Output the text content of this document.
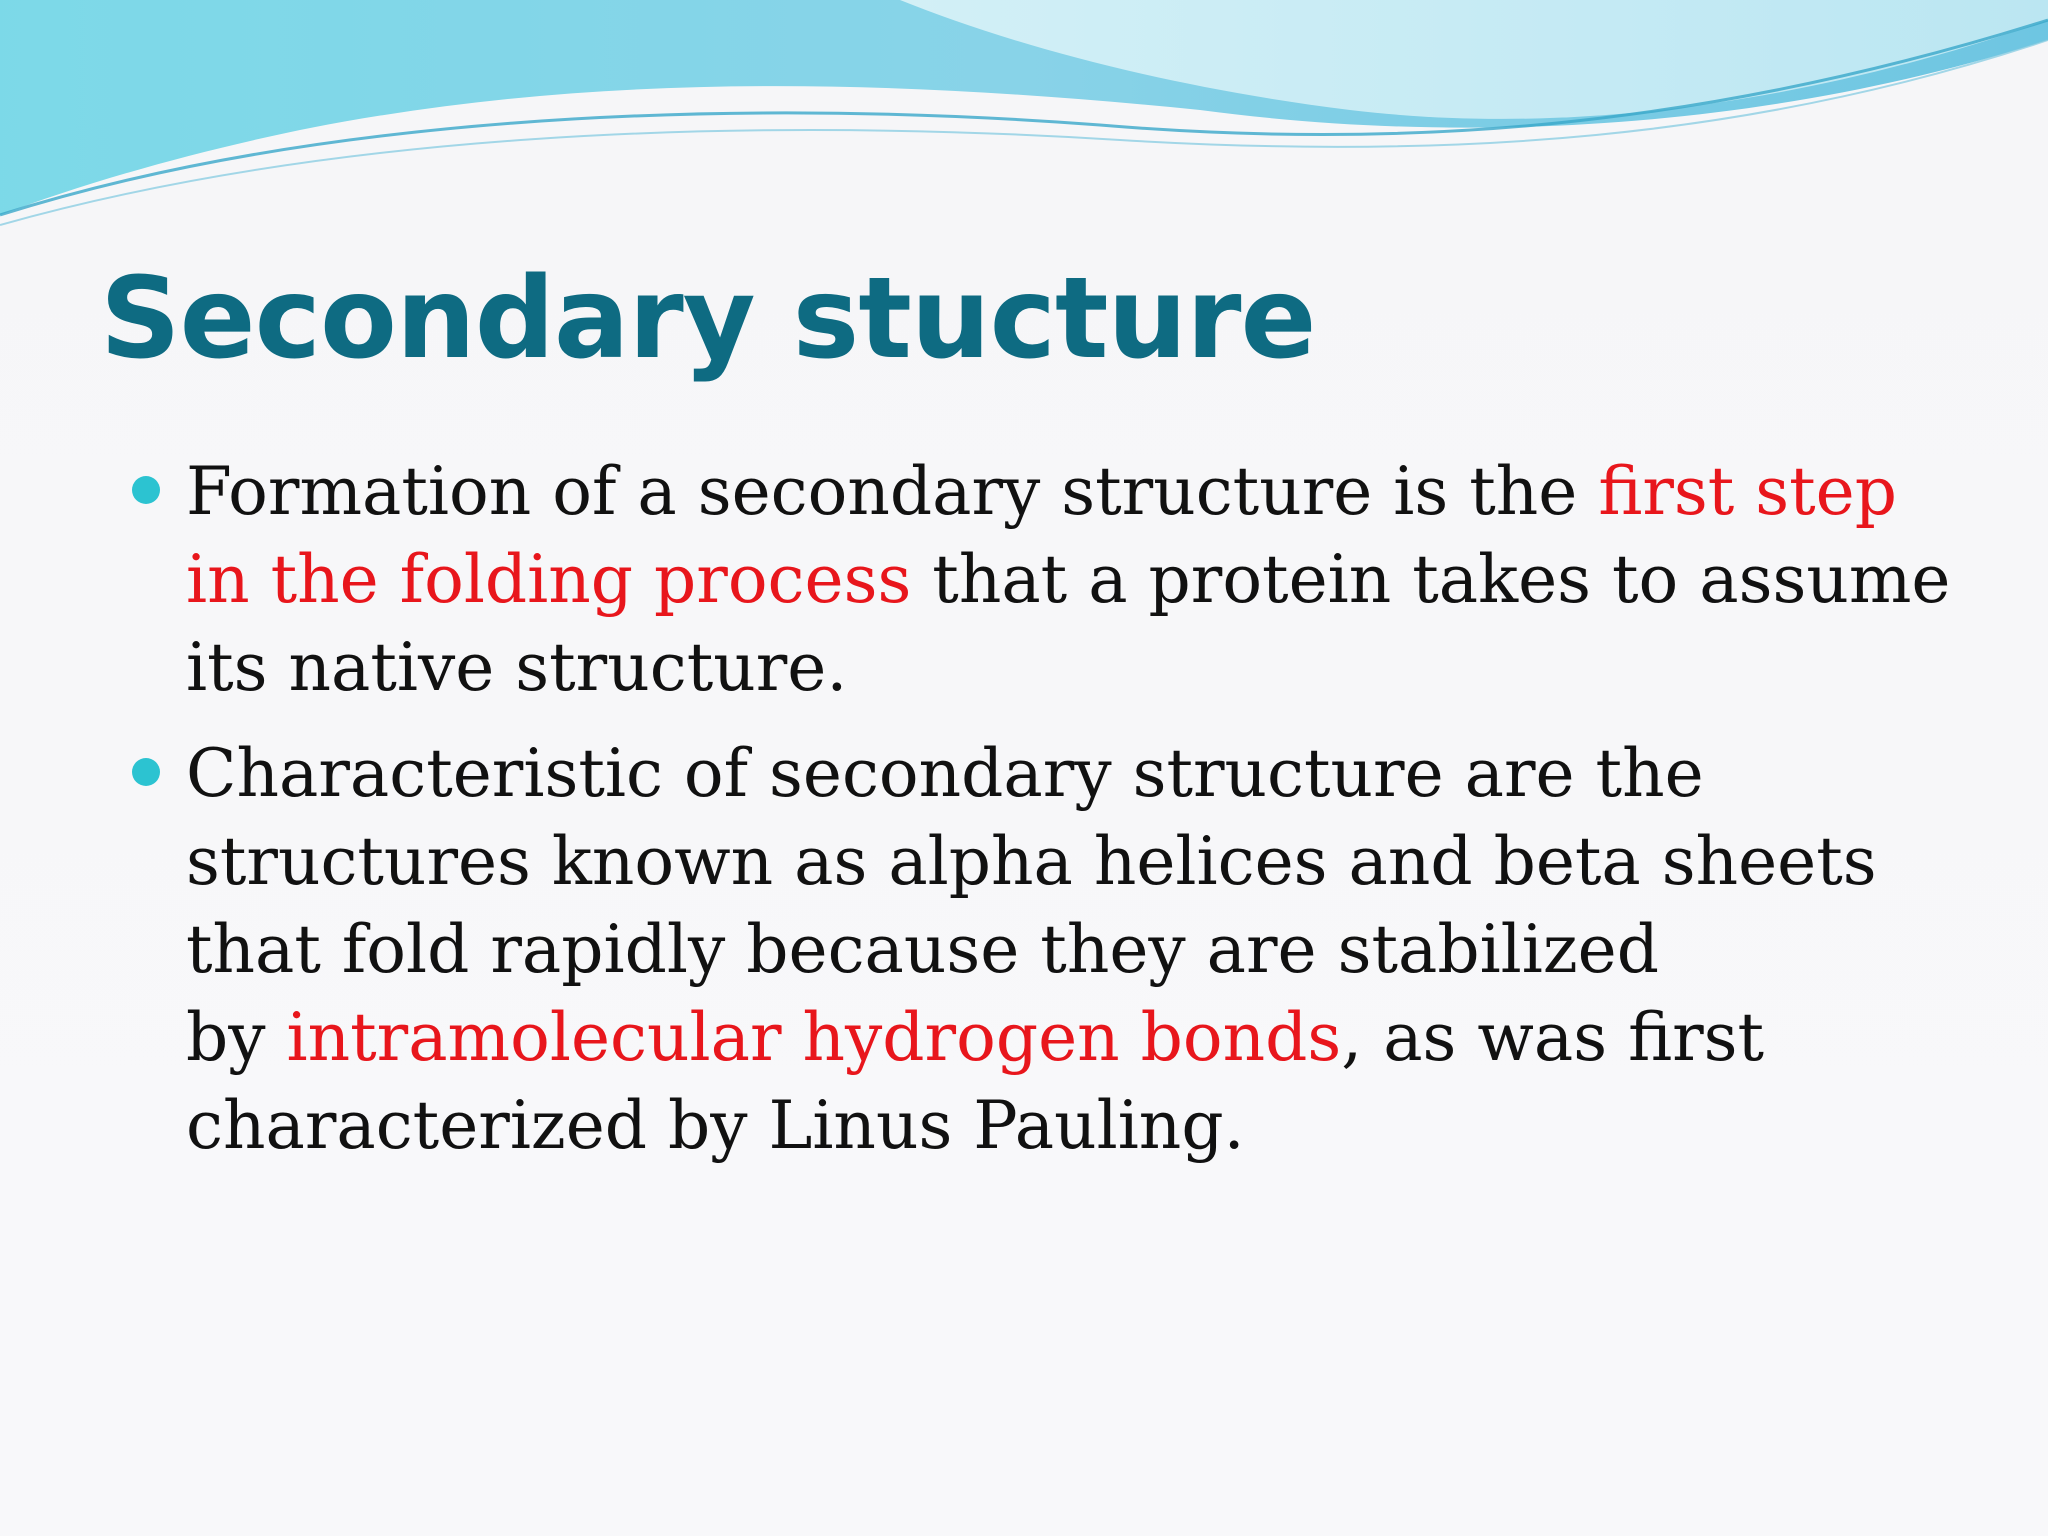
Secondary stucture
Formation of a secondary structure is the first step in the folding process that a protein takes to assume its native structure.
Characteristic of secondary structure are the structures known as alpha helices and beta sheets that fold rapidly because they are stabilized
by intramolecular hydrogen bonds, as was first characterized by Linus Pauling.
